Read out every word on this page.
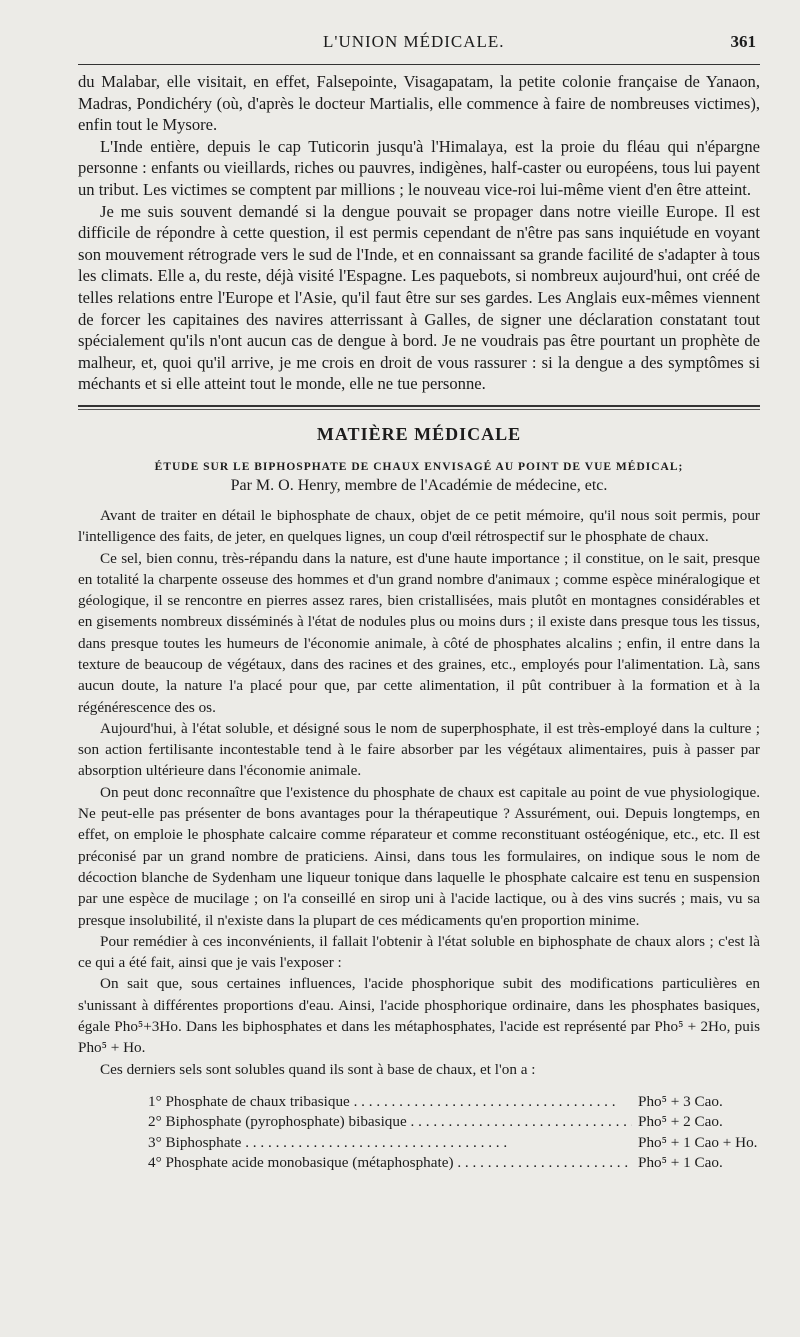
L'UNION MÉDICALE.	361

du Malabar, elle visitait, en effet, Falsepointe, Visagapatam, la petite colonie française de Yanaon, Madras, Pondichéry (où, d'après le docteur Martialis, elle commence à faire de nombreuses victimes), enfin tout le Mysore.

L'Inde entière, depuis le cap Tuticorin jusqu'à l'Himalaya, est la proie du fléau qui n'épargne personne : enfants ou vieillards, riches ou pauvres, indigènes, half-caster ou européens, tous lui payent un tribut. Les victimes se comptent par millions ; le nouveau vice-roi lui-même vient d'en être atteint.

Je me suis souvent demandé si la dengue pouvait se propager dans notre vieille Europe. Il est difficile de répondre à cette question, il est permis cependant de n'être pas sans inquiétude en voyant son mouvement rétrograde vers le sud de l'Inde, et en connaissant sa grande facilité de s'adapter à tous les climats. Elle a, du reste, déjà visité l'Espagne. Les paquebots, si nombreux aujourd'hui, ont créé de telles relations entre l'Europe et l'Asie, qu'il faut être sur ses gardes. Les Anglais eux-mêmes viennent de forcer les capitaines des navires atterrissant à Galles, de signer une déclaration constatant tout spécialement qu'ils n'ont aucun cas de dengue à bord. Je ne voudrais pas être pourtant un prophète de malheur, et, quoi qu'il arrive, je me crois en droit de vous rassurer : si la dengue a des symptômes si méchants et si elle atteint tout le monde, elle ne tue personne.

MATIÈRE MÉDICALE
ÉTUDE SUR LE BIPHOSPHATE DE CHAUX ENVISAGÉ AU POINT DE VUE MÉDICAL;
Par M. O. Henry, membre de l'Académie de médecine, etc.

Avant de traiter en détail le biphosphate de chaux, objet de ce petit mémoire, qu'il nous soit permis, pour l'intelligence des faits, de jeter, en quelques lignes, un coup d'œil rétrospectif sur le phosphate de chaux.

Ce sel, bien connu, très-répandu dans la nature, est d'une haute importance ; il constitue, on le sait, presque en totalité la charpente osseuse des hommes et d'un grand nombre d'animaux ; comme espèce minéralogique et géologique, il se rencontre en pierres assez rares, bien cristallisées, mais plutôt en montagnes considérables et en gisements nombreux disséminés à l'état de nodules plus ou moins durs ; il existe dans presque tous les tissus, dans presque toutes les humeurs de l'économie animale, à côté de phosphates alcalins ; enfin, il entre dans la texture de beaucoup de végétaux, dans des racines et des graines, etc., employés pour l'alimentation. Là, sans aucun doute, la nature l'a placé pour que, par cette alimentation, il pût contribuer à la formation et à la régénérescence des os.

Aujourd'hui, à l'état soluble, et désigné sous le nom de superphosphate, il est très-employé dans la culture ; son action fertilisante incontestable tend à le faire absorber par les végétaux alimentaires, puis à passer par absorption ultérieure dans l'économie animale.

On peut donc reconnaître que l'existence du phosphate de chaux est capitale au point de vue physiologique. Ne peut-elle pas présenter de bons avantages pour la thérapeutique ? Assurément, oui. Depuis longtemps, en effet, on emploie le phosphate calcaire comme réparateur et comme reconstituant ostéogénique, etc., etc. Il est préconisé par un grand nombre de praticiens. Ainsi, dans tous les formulaires, on indique sous le nom de décoction blanche de Sydenham une liqueur tonique dans laquelle le phosphate calcaire est tenu en suspension par une espèce de mucilage ; on l'a conseillé en sirop uni à l'acide lactique, ou à des vins sucrés ; mais, vu sa presque insolubilité, il n'existe dans la plupart de ces médicaments qu'en proportion minime.

Pour remédier à ces inconvénients, il fallait l'obtenir à l'état soluble en biphosphate de chaux alors ; c'est là ce qui a été fait, ainsi que je vais l'exposer :

On sait que, sous certaines influences, l'acide phosphorique subit des modifications particulières en s'unissant à différentes proportions d'eau. Ainsi, l'acide phosphorique ordinaire, dans les phosphates basiques, égale Pho⁵+3Ho. Dans les biphosphates et dans les métaphosphates, l'acide est représenté par Pho⁵ + 2Ho, puis Pho⁵ + Ho.

Ces derniers sels sont solubles quand ils sont à base de chaux, et l'on a :

1° Phosphate de chaux tribasique . . .	Pho⁵ + 3 Cao.
2° Biphosphate (pyrophosphate) bibasique . . .	Pho⁵ + 2 Cao.
3° Biphosphate . . .	Pho⁵ + 1 Cao + Ho.
4° Phosphate acide monobasique (métaphosphate) . . .	Pho⁵ + 1 Cao.
